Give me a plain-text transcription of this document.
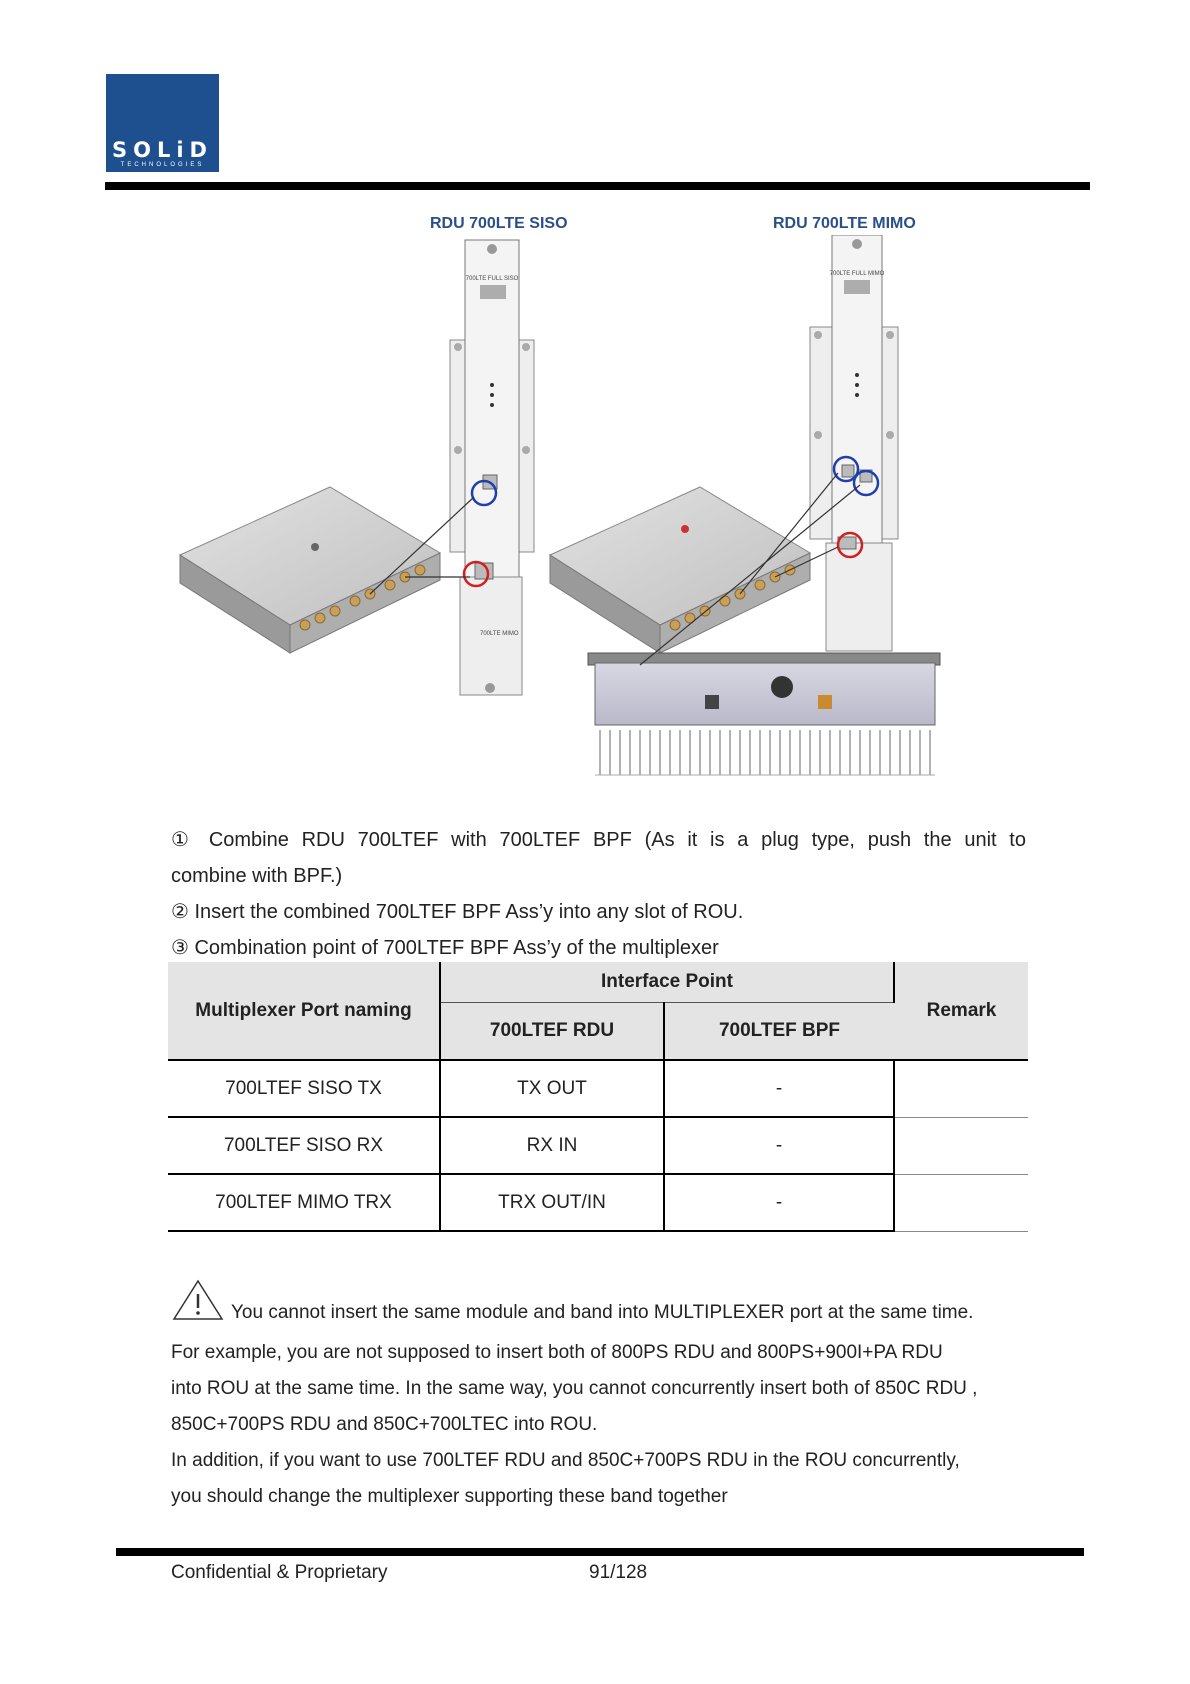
SOLiD
TECHNOLOGIES
RDU 700LTE SISO	RDU 700LTE MIMO
700LTE FULL SISO
700LTE MIMO
700LTE FULL MIMO

① Combine RDU 700LTEF with 700LTEF BPF (As it is a plug type, push the unit to

combine with BPF.)

② Insert the combined 700LTEF BPF Ass’y into any slot of ROU.

③ Combination point of 700LTEF BPF Ass’y of the multiplexer

Multiplexer Port naming	Interface Point		Remark
	700LTEF RDU	700LTEF BPF	
700LTEF SISO TX	TX OUT	-	
700LTEF SISO RX	RX IN	-	
700LTEF MIMO TRX	TRX OUT/IN	-	

You cannot insert the same module and band into MULTIPLEXER port at the same time.

For example, you are not supposed to insert both of 800PS RDU and 800PS+900I+PA RDU

into ROU at the same time. In the same way, you cannot concurrently insert both of 850C RDU ,

850C+700PS RDU and 850C+700LTEC into ROU.

In addition, if you want to use 700LTEF RDU and 850C+700PS RDU in the ROU concurrently,

you should change the multiplexer supporting these band together

Confidential & Proprietary	91/128
